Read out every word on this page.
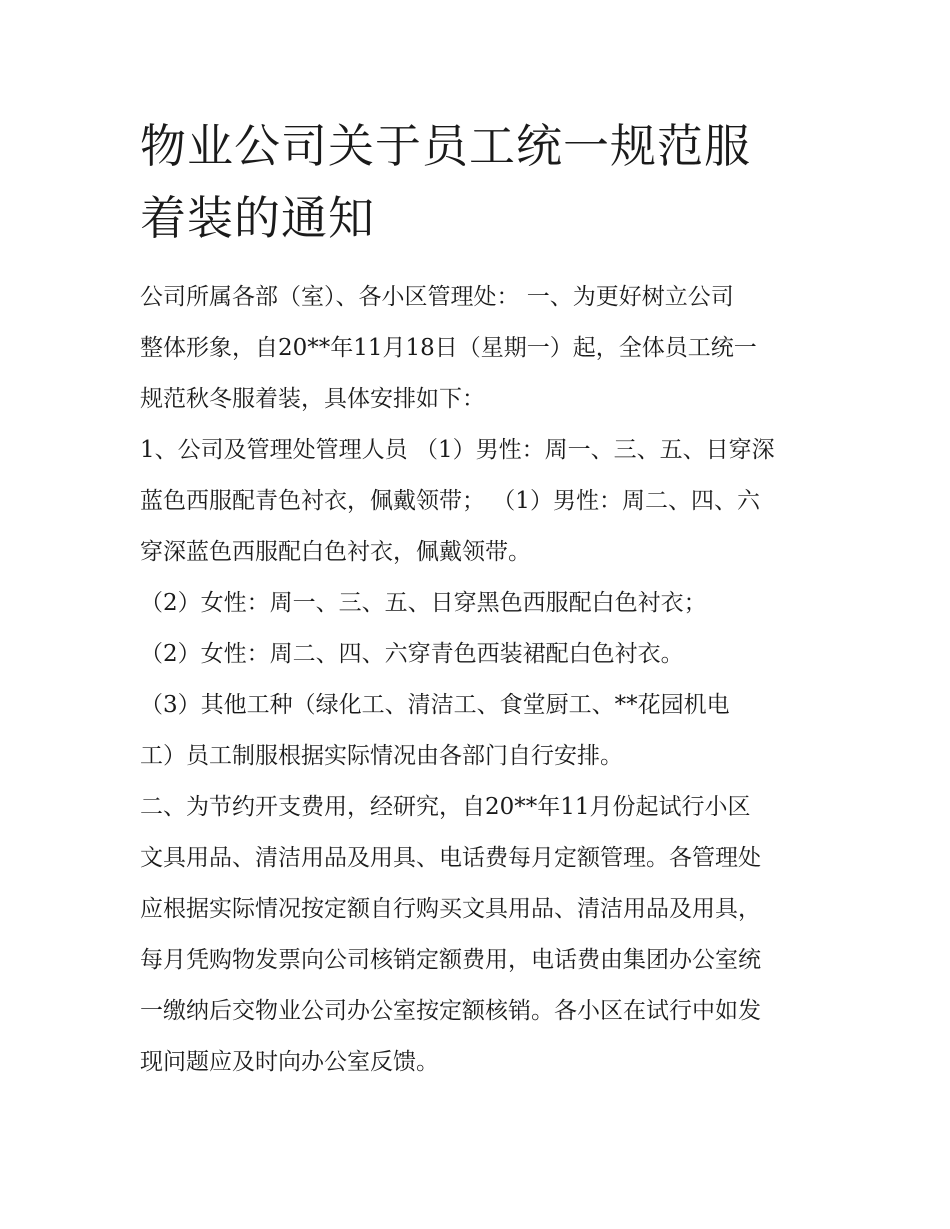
物业公司关于员工统一规范服
着装的通知
公司所属各部（室）、各小区管理处： 一、为更好树立公司
整体形象，自20**年11月18日（星期一）起，全体员工统一
规范秋冬服着装，具体安排如下：
1、公司及管理处管理人员 （1）男性：周一、三、五、日穿深
蓝色西服配青色衬衣，佩戴领带； （1）男性：周二、四、六
穿深蓝色西服配白色衬衣，佩戴领带。
（2）女性：周一、三、五、日穿黑色西服配白色衬衣；
（2）女性：周二、四、六穿青色西装裙配白色衬衣。
（3）其他工种（绿化工、清洁工、食堂厨工、**花园机电
工）员工制服根据实际情况由各部门自行安排。
二、为节约开支费用，经研究，自20**年11月份起试行小区
文具用品、清洁用品及用具、电话费每月定额管理。各管理处
应根据实际情况按定额自行购买文具用品、清洁用品及用具，
每月凭购物发票向公司核销定额费用，电话费由集团办公室统
一缴纳后交物业公司办公室按定额核销。各小区在试行中如发
现问题应及时向办公室反馈。
